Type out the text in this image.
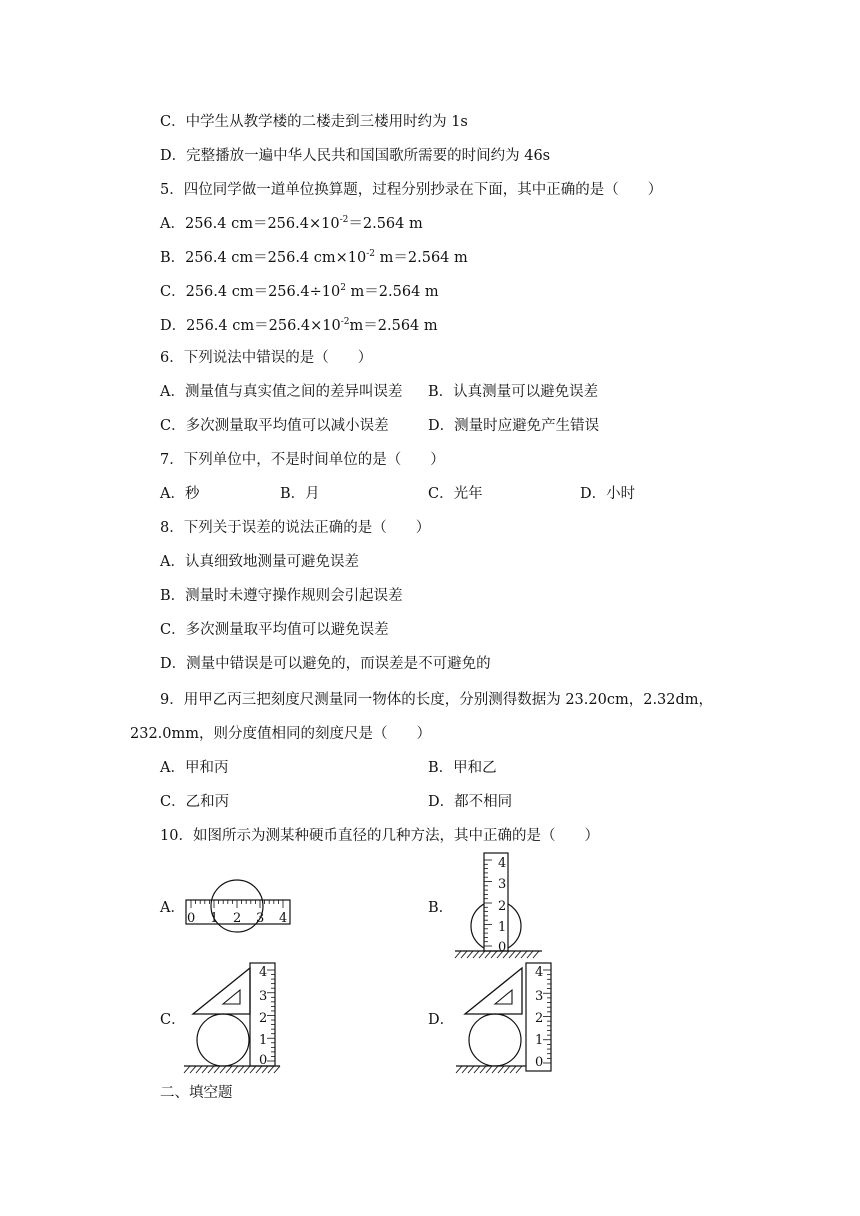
C．中学生从教学楼的二楼走到三楼用时约为 1s
D．完整播放一遍中华人民共和国国歌所需要的时间约为 46s
5．四位同学做一道单位换算题，过程分别抄录在下面，其中正确的是（　　）
A．256.4 $cm=256.4\times 10^{-2}=2.564$ m
B．256.4 cm＝256.4 $cm\times 10^{-2}$ m＝2.564 m
C．256.4 $cm=256.4\div 10^2$ m＝2.564 m
D．256.4 $cm=256.4\times 10^{-2}m=2.564$ m
6．下列说法中错误的是（　　）
A．测量值与真实值之间的差异叫误差 B．认真测量可以避免误差
C．多次测量取平均值可以减小误差	D．测量时应避免产生错误
7．下列单位中，不是时间单位的是（　　）
A．秒	B．月	C．光年	D．小时
8．下列关于误差的说法正确的是（　　）
A．认真细致地测量可避免误差
B．测量时未遵守操作规则会引起误差
C．多次测量取平均值可以避免误差
D．测量中错误是可以避免的，而误差是不可避免的
9．用甲乙丙三把刻度尺测量同一物体的长度，分别测得数据为 23.20cm，2.32dm，
232.0mm，则分度值相同的刻度尺是（　　）
A．甲和丙	B．甲和乙
C．乙和丙	D．都不相同
10．如图所示为测某种硬币直径的几种方法，其中正确的是（　　）
A．
0 1 2 3 4
B．
4
3
2
1
0
C．
4
3
2
1
0
D．
4
3
2
1
0
二、填空题
